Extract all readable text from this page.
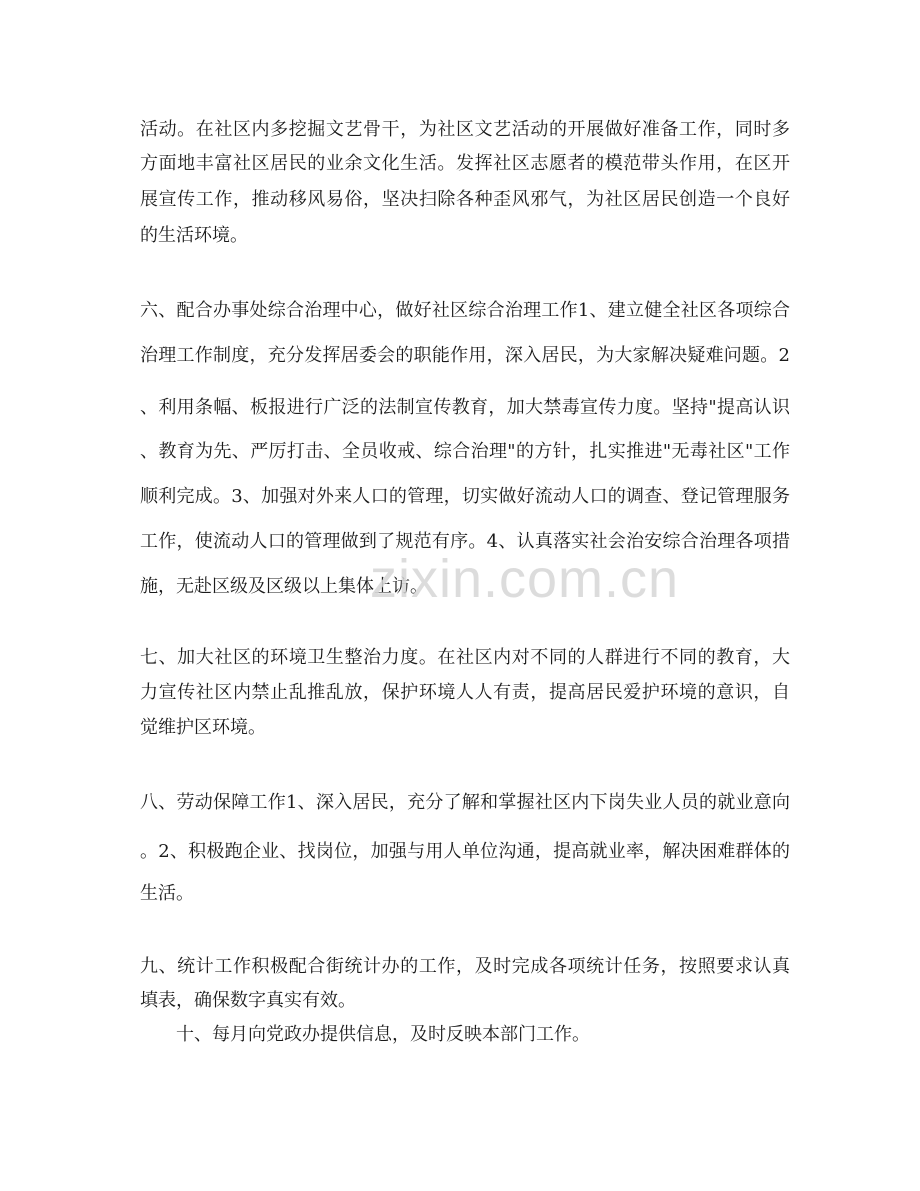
活动。在社区内多挖掘文艺骨干，为社区文艺活动的开展做好准备工作，同时多
方面地丰富社区居民的业余文化生活。发挥社区志愿者的模范带头作用，在区开
展宣传工作，推动移风易俗，坚决扫除各种歪风邪气，为社区居民创造一个良好
的生活环境。
六、配合办事处综合治理中心，做好社区综合治理工作1、建立健全社区各项综合
治理工作制度，充分发挥居委会的职能作用，深入居民，为大家解决疑难问题。2
、利用条幅、板报进行广泛的法制宣传教育，加大禁毒宣传力度。坚持"提高认识
、教育为先、严厉打击、全员收戒、综合治理"的方针，扎实推进"无毒社区"工作
顺利完成。3、加强对外来人口的管理，切实做好流动人口的调查、登记管理服务
工作，使流动人口的管理做到了规范有序。4、认真落实社会治安综合治理各项措
施，无赴区级及区级以上集体上访。
七、加大社区的环境卫生整治力度。在社区内对不同的人群进行不同的教育，大
力宣传社区内禁止乱推乱放，保护环境人人有责，提高居民爱护环境的意识，自
觉维护区环境。
八、劳动保障工作1、深入居民，充分了解和掌握社区内下岗失业人员的就业意向
。2、积极跑企业、找岗位，加强与用人单位沟通，提高就业率，解决困难群体的
生活。
九、统计工作积极配合街统计办的工作，及时完成各项统计任务，按照要求认真
填表，确保数字真实有效。
十、每月向党政办提供信息，及时反映本部门工作。
zixin.com.cn
